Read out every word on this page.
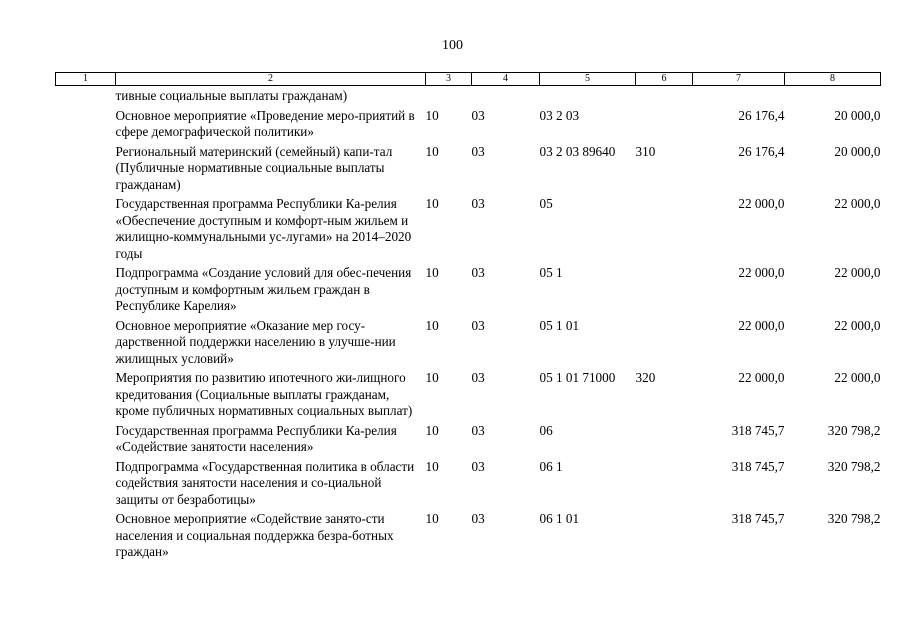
100
1	2	3	4	5	6	7	8
	тивные социальные выплаты гражданам)						
	Основное мероприятие «Проведение меро-приятий в сфере демографической политики»	10	03	03 2 03		26 176,4	20 000,0
	Региональный материнский (семейный) капи-тал (Публичные нормативные социальные выплаты гражданам)	10	03	03 2 03 89640	310	26 176,4	20 000,0
	Государственная программа Республики Ка-релия «Обеспечение доступным и комфорт-ным жильем и жилищно-коммунальными ус-лугами» на 2014–2020 годы	10	03	05		22 000,0	22 000,0
	Подпрограмма «Создание условий для обес-печения доступным и комфортным жильем граждан в Республике Карелия»	10	03	05 1		22 000,0	22 000,0
	Основное мероприятие «Оказание мер госу-дарственной поддержки населению в улучше-нии жилищных условий»	10	03	05 1 01		22 000,0	22 000,0
	Мероприятия по развитию ипотечного жи-лищного кредитования (Социальные выплаты гражданам, кроме публичных нормативных социальных выплат)	10	03	05 1 01 71000	320	22 000,0	22 000,0
	Государственная программа Республики Ка-релия «Содействие занятости населения»	10	03	06		318 745,7	320 798,2
	Подпрограмма «Государственная политика в области содействия занятости населения и со-циальной защиты от безработицы»	10	03	06 1		318 745,7	320 798,2
	Основное мероприятие «Содействие занято-сти населения и социальная поддержка безра-ботных граждан»	10	03	06 1 01		318 745,7	320 798,2
